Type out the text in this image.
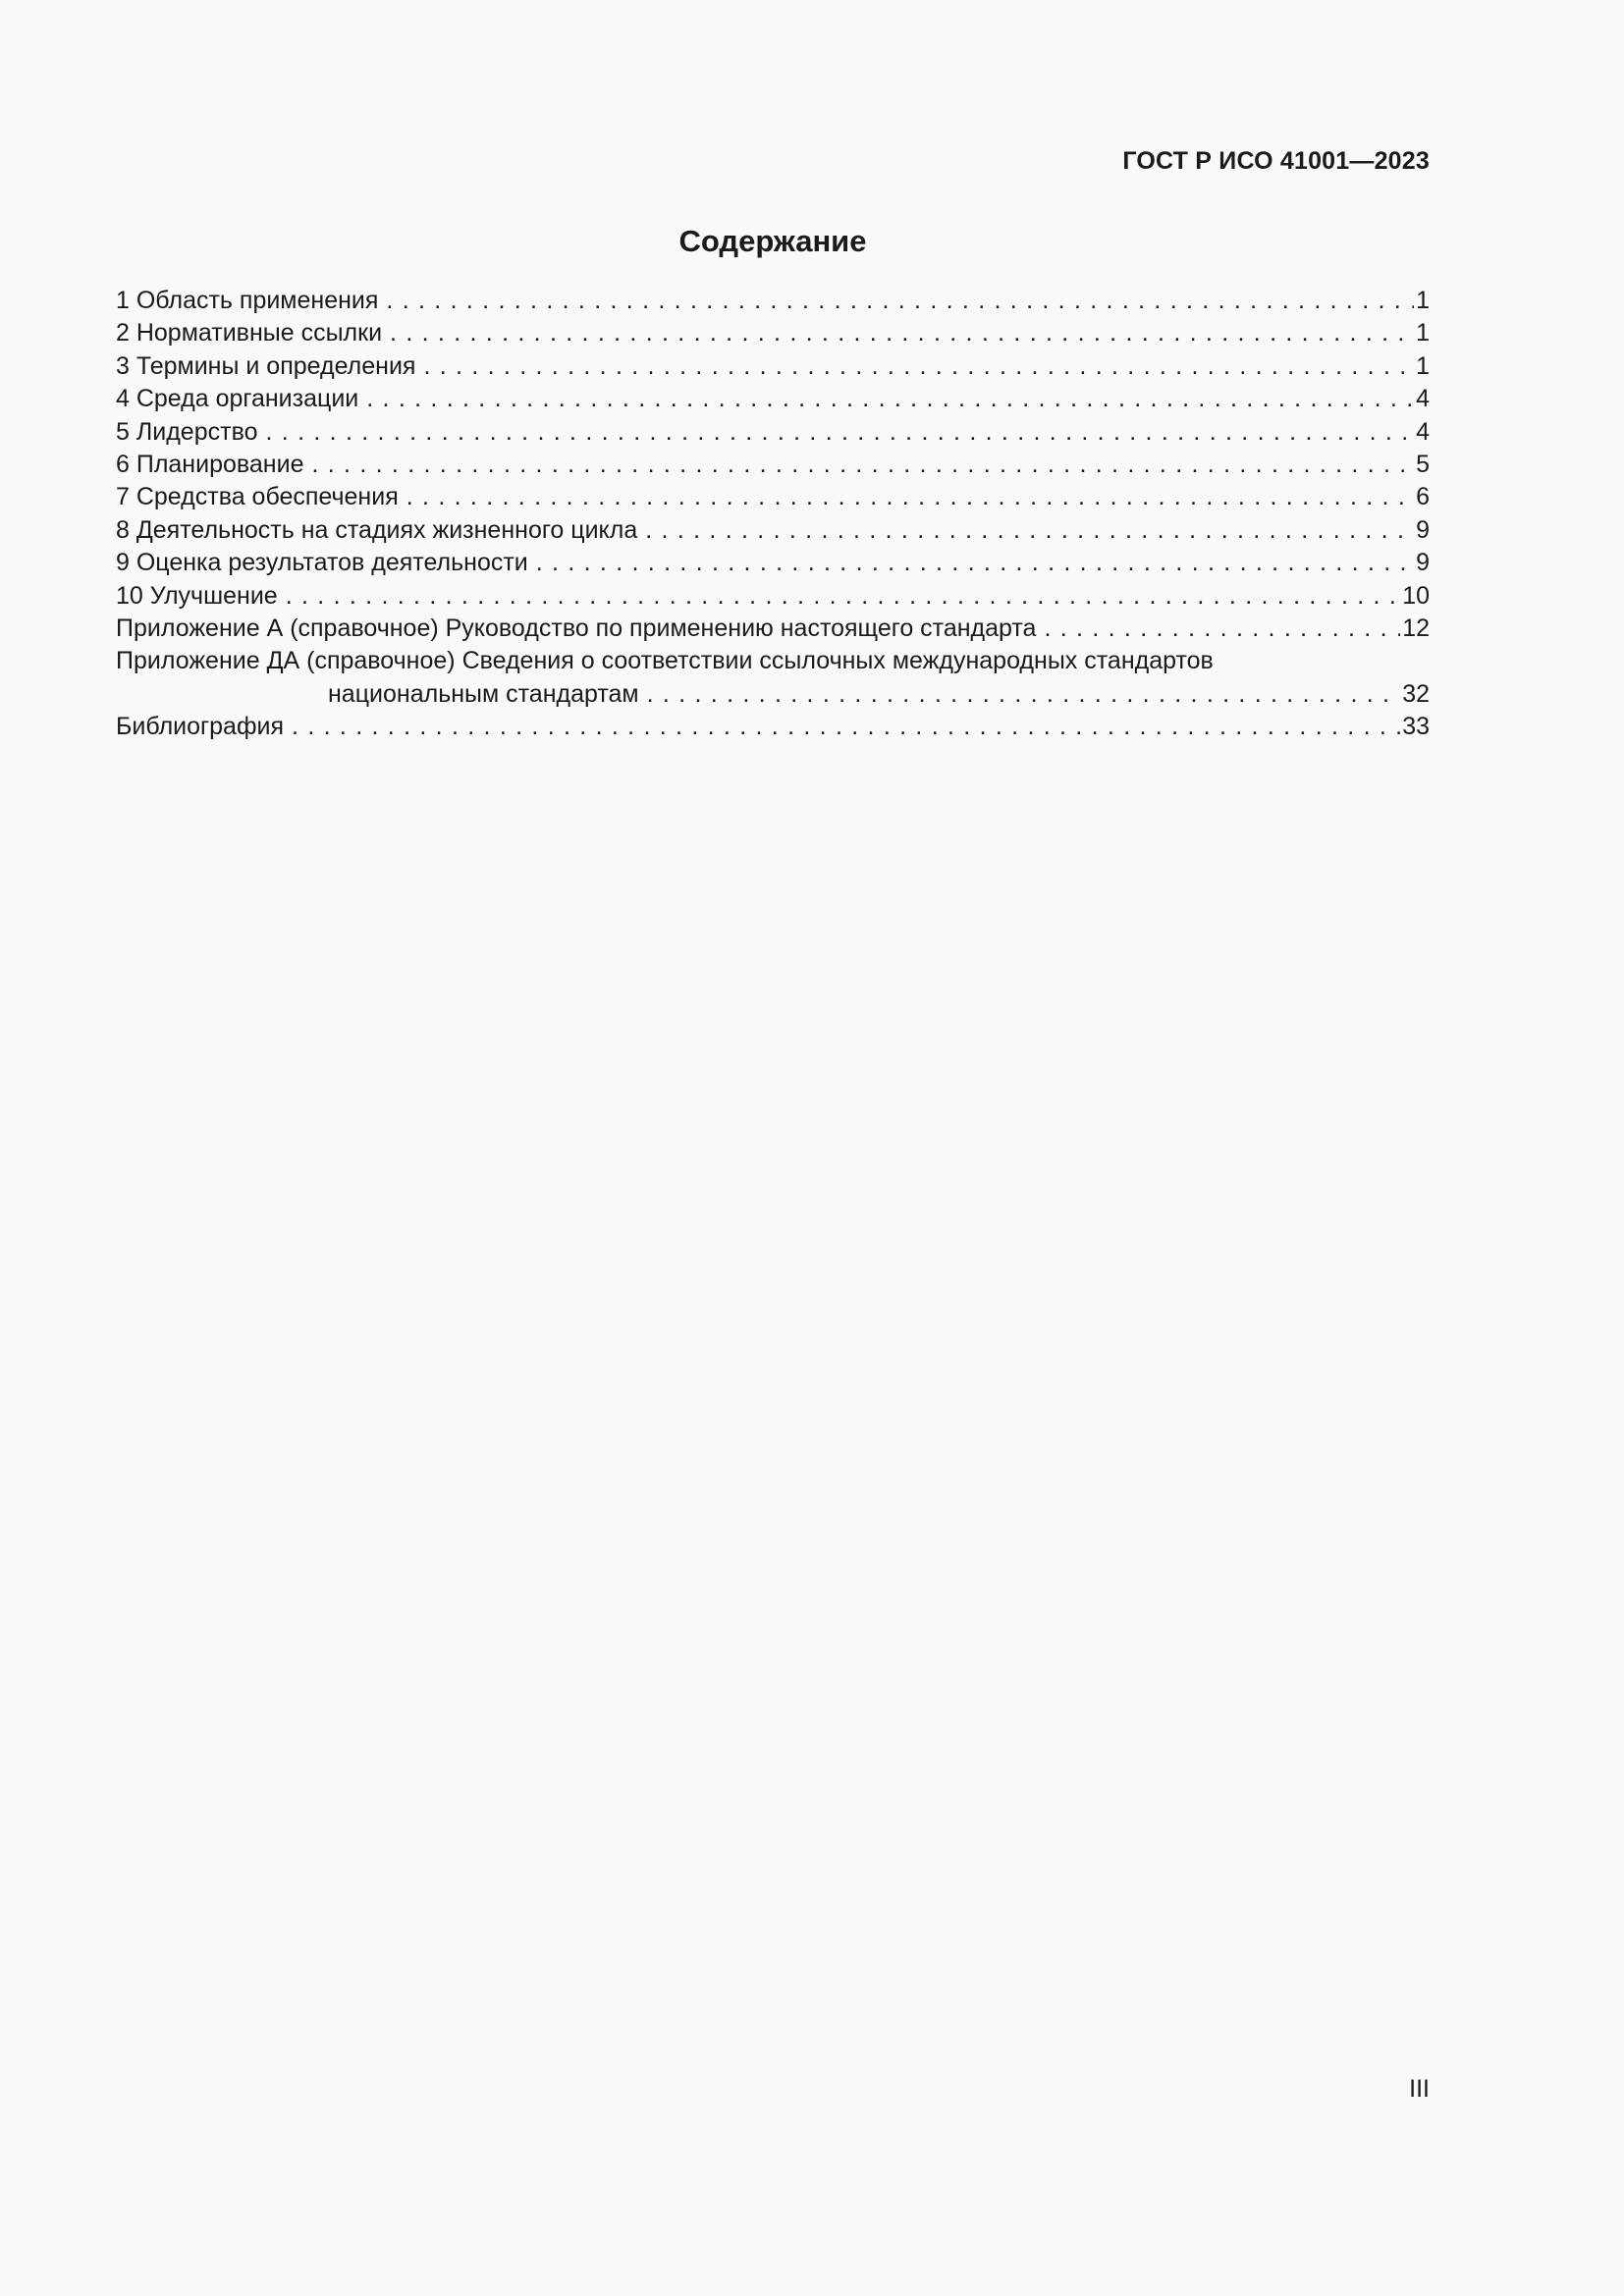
ГОСТ Р ИСО 41001—2023
Содержание
1 Область применения . . .	1
2 Нормативные ссылки . . .	1
3 Термины и определения . . .	1
4 Среда организации . . .	4
5 Лидерство . . .	4
6 Планирование . . .	5
7 Средства обеспечения . . .	6
8 Деятельность на стадиях жизненного цикла . . .	9
9 Оценка результатов деятельности . . .	9
10 Улучшение . . .	10
Приложение А (справочное) Руководство по применению настоящего стандарта . . .	12
Приложение ДА (справочное) Сведения о соответствии ссылочных международных стандартов
национальным стандартам . . .	32
Библиография . . .	33
III
